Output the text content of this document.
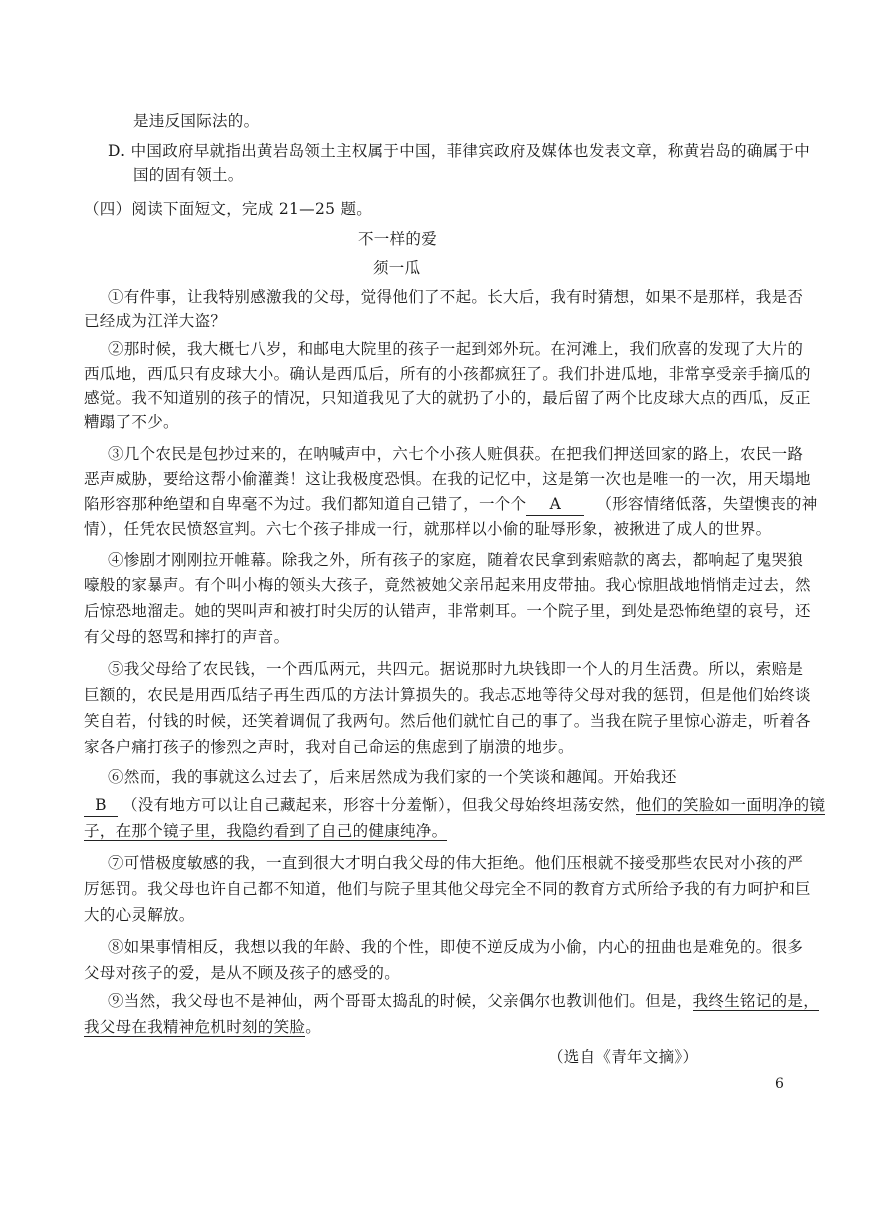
是违反国际法的。
D. 中国政府早就指出黄岩岛领土主权属于中国，菲律宾政府及媒体也发表文章，称黄岩岛的确属于中
国的固有领土。
（四）阅读下面短文，完成 21—25 题。
不一样的爱
须一瓜
①有件事，让我特别感激我的父母，觉得他们了不起。长大后，我有时猜想，如果不是那样，我是否
已经成为江洋大盗？
②那时候，我大概七八岁，和邮电大院里的孩子一起到郊外玩。在河滩上，我们欣喜的发现了大片的
西瓜地，西瓜只有皮球大小。确认是西瓜后，所有的小孩都疯狂了。我们扑进瓜地，非常享受亲手摘瓜的
感觉。我不知道别的孩子的情况，只知道我见了大的就扔了小的，最后留了两个比皮球大点的西瓜，反正
糟蹋了不少。
③几个农民是包抄过来的，在呐喊声中，六七个小孩人赃俱获。在把我们押送回家的路上，农民一路
恶声威胁，要给这帮小偷灌粪！这让我极度恐惧。在我的记忆中，这是第一次也是唯一的一次，用天塌地
陷形容那种绝望和自卑毫不为过。我们都知道自己错了，一个个 A （形容情绪低落，失望懊丧的神
情），任凭农民愤怒宣判。六七个孩子排成一行，就那样以小偷的耻辱形象，被揪进了成人的世界。
④惨剧才刚刚拉开帷幕。除我之外，所有孩子的家庭，随着农民拿到索赔款的离去，都响起了鬼哭狼
嚎般的家暴声。有个叫小梅的领头大孩子，竟然被她父亲吊起来用皮带抽。我心惊胆战地悄悄走过去，然
后惊恐地溜走。她的哭叫声和被打时尖厉的认错声，非常刺耳。一个院子里，到处是恐怖绝望的哀号，还
有父母的怒骂和摔打的声音。
⑤我父母给了农民钱，一个西瓜两元，共四元。据说那时九块钱即一个人的月生活费。所以，索赔是
巨额的，农民是用西瓜结子再生西瓜的方法计算损失的。我忐忑地等待父母对我的惩罚，但是他们始终谈
笑自若，付钱的时候，还笑着调侃了我两句。然后他们就忙自己的事了。当我在院子里惊心游走，听着各
家各户痛打孩子的惨烈之声时，我对自己命运的焦虑到了崩溃的地步。
⑥然而，我的事就这么过去了，后来居然成为我们家的一个笑谈和趣闻。开始我还
B （没有地方可以让自己藏起来，形容十分羞惭），但我父母始终坦荡安然，他们的笑脸如一面明净的镜
子，在那个镜子里，我隐约看到了自己的健康纯净。
⑦可惜极度敏感的我，一直到很大才明白我父母的伟大拒绝。他们压根就不接受那些农民对小孩的严
厉惩罚。我父母也许自己都不知道，他们与院子里其他父母完全不同的教育方式所给予我的有力呵护和巨
大的心灵解放。
⑧如果事情相反，我想以我的年龄、我的个性，即使不逆反成为小偷，内心的扭曲也是难免的。很多
父母对孩子的爱，是从不顾及孩子的感受的。
⑨当然，我父母也不是神仙，两个哥哥太捣乱的时候，父亲偶尔也教训他们。但是，我终生铭记的是，
我父母在我精神危机时刻的笑脸。
（选自《青年文摘》）
6
